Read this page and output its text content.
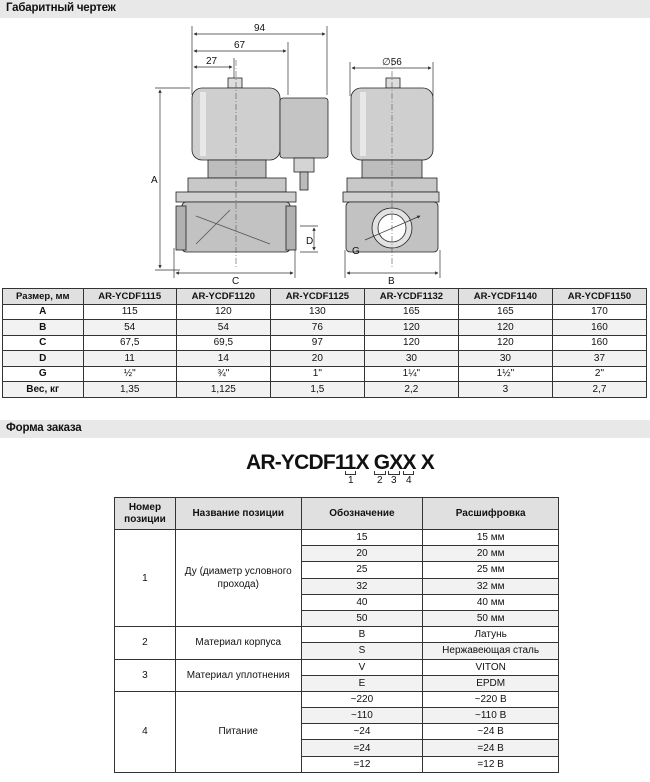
Габаритный чертеж
94
67
27	∅56
A
C
D
B
G
Размер, мм	AR-YCDF1115	AR-YCDF1120	AR-YCDF1125	AR-YCDF1132	AR-YCDF1140	AR-YCDF1150
A	115	120	130	165	165	170
B	54	54	76	120	120	160
C	67,5	69,5	97	120	120	160
D	11	14	20	30	30	37
G	½"	¾"	1"	1¼"	1½"	2"
Вес, кг	1,35	1,125	1,5	2,2	3	2,7
Форма заказа
AR-YCDF11X GXX X
1 2 3 4
Номер позиции	Название позиции	Обозначение	Расшифровка
1	Ду (диаметр условного прохода)	15	15 мм
		20	20 мм
		25	25 мм
		32	32 мм
		40	40 мм
		50	50 мм
2	Материал корпуса	B	Латунь
		S	Нержавеющая сталь
3	Материал уплотнения	V	VITON
		E	EPDM
4	Питание	~220	~220 В
		~110	~110 В
		~24	~24 В
		=24	=24 В
		=12	=12 В
